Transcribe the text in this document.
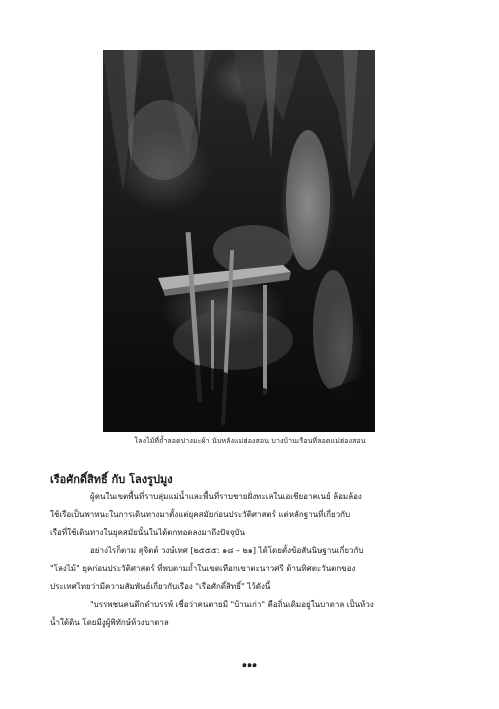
โลงไม้ที่ถ้ำลอดปางมะผ้า นับหลังแม่ฮ่องสอน บางบ้านเรือนที่ลอดแม่ฮ่องสอน
เรือศักดิ์สิทธิ์ กับ โลงรูปมูง

ผู้คนในเขตพื้นที่ราบลุ่มแม่น้ำและพื้นที่ราบชายฝั่งทะเลในเอเชียอาคเนย์ ล้อมล้อง
ใช้เรือเป็นพาหนะในการเดินทางมาตั้งแต่ยุคสมัยก่อนประวัติศาสตร์ แต่หลักฐานที่เกี่ยวกับ
เรือที่ใช้เดินทางในยุคสมัยนั้นในได้ตกทอดลงมาถึงปัจจุบัน

อย่างไรก็ตาม สุจิตต์ วงษ์เทศ [๒๕๕๕: ๑๘ – ๒๑] ได้โดยตั้งข้อสันนิษฐานเกี่ยวกับ
"โลงไม้" ยุคก่อนประวัติศาสตร์ ที่พบตามถ้ำในเขตเทือกเขาตะนาวศรี ด้านทิศตะวันตกของ
ประเทศไทยว่ามีความสัมพันธ์เกี่ยวกับเรือง "เรือศักดิ์สิทธิ์" ไว้ดังนี้

"บรรพชนคนดึกดำบรรพ์ เชื่อว่าคนตายมี "บ้านเก่า" คือถิ่นเดิมอยู่ในบาดาล เป็นห้วง
น้ำใต้ดิน โดยมีงูผู้พิทักษ์ห้วงบาดาล

๑๑๑
